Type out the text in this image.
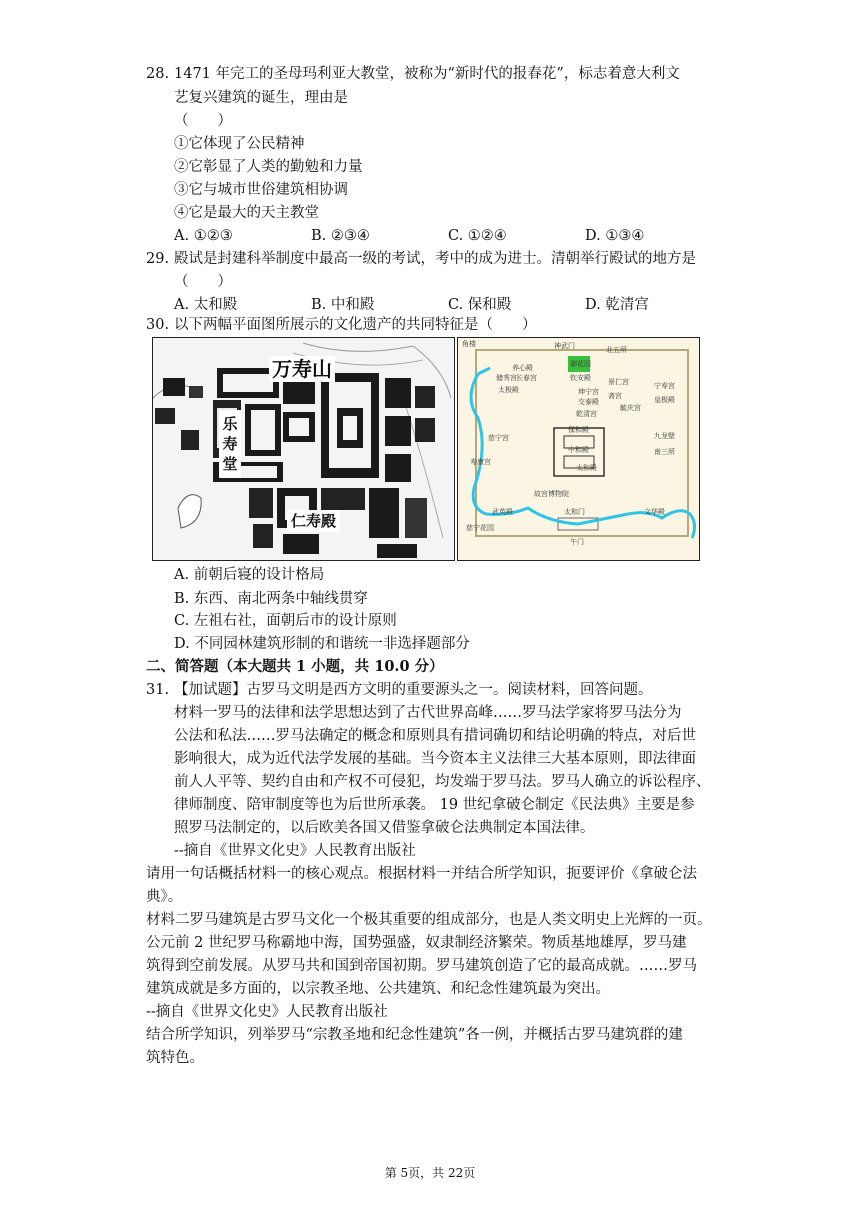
28. 1471 年完工的圣母玛利亚大教堂，被称为“新时代的报春花”，标志着意大利文
艺复兴建筑的诞生，理由是
（　　）
①它体现了公民精神
②它彰显了人类的勤勉和力量
③它与城市世俗建筑相协调
④它是最大的天主教堂
A. ①②③	B. ②③④	C. ①②④	D. ①③④
29. 殿试是封建科举制度中最高一级的考试，考中的成为进士。清朝举行殿试的地方是
（　　）
A. 太和殿	B. 中和殿	C. 保和殿	D. 乾清宫
30. 以下两幅平面图所展示的文化遗产的共同特征是（　　）
万寿山
乐寿堂
仁寿殿
角楼	神武门	北五所
御花园
钦安殿
养心殿
储秀宫 长春宫
太极殿	坤宁宫
交泰殿
乾清宫
景仁宫
斋宫
毓庆宫
宁寿宫
皇极殿
慈宁宫
保和殿
中和殿
太和殿
九龙壁
南三所
故宫博物院
武英殿	太和门	文华殿
午门
寿康宫
慈宁花园
A. 前朝后寝的设计格局
B. 东西、南北两条中轴线贯穿
C. 左祖右社，面朝后市的设计原则
D. 不同园林建筑形制的和谐统一非选择题部分
二、简答题（本大题共 1 小题，共 10.0 分）
31. 【加试题】古罗马文明是西方文明的重要源头之一。阅读材料，回答问题。
材料一罗马的法律和法学思想达到了古代世界高峰……罗马法学家将罗马法分为
公法和私法……罗马法确定的概念和原则具有措词确切和结论明确的特点，对后世
影响很大，成为近代法学发展的基础。当今资本主义法律三大基本原则，即法律面
前人人平等、契约自由和产权不可侵犯，均发端于罗马法。罗马人确立的诉讼程序、
律师制度、陪审制度等也为后世所承袭。 19 世纪拿破仑制定《民法典》主要是参
照罗马法制定的，以后欧美各国又借鉴拿破仑法典制定本国法律。
--摘自《世界文化史》人民教育出版社
请用一句话概括材料一的核心观点。根据材料一并结合所学知识，扼要评价《拿破仑法
典》。
材料二罗马建筑是古罗马文化一个极其重要的组成部分，也是人类文明史上光辉的一页。
公元前 2 世纪罗马称霸地中海，国势强盛，奴隶制经济繁荣。物质基地雄厚，罗马建
筑得到空前发展。从罗马共和国到帝国初期。罗马建筑创造了它的最高成就。……罗马
建筑成就是多方面的，以宗教圣地、公共建筑、和纪念性建筑最为突出。
--摘自《世界文化史》人民教育出版社
结合所学知识，列举罗马“宗教圣地和纪念性建筑”各一例，并概括古罗马建筑群的建
筑特色。
第 5页，共 22页
